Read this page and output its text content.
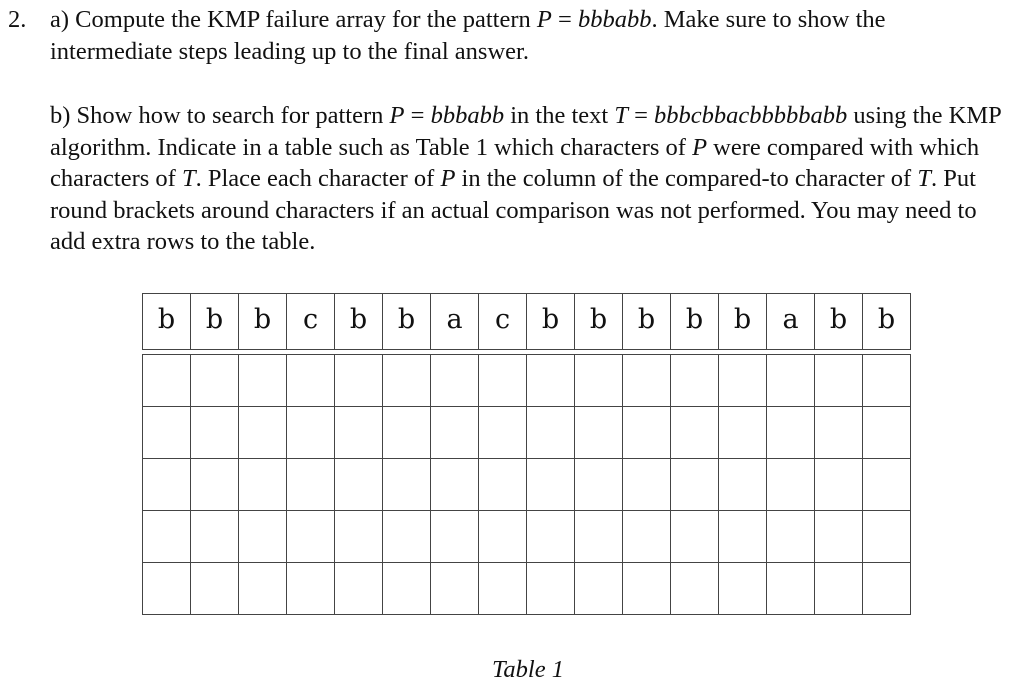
2. a) Compute the KMP failure array for the pattern P = bbbabb. Make sure to show the intermediate steps leading up to the final answer.
b) Show how to search for pattern P = bbbabb in the text T = bbbcbbacbbbbbabb using the KMP algorithm. Indicate in a table such as Table 1 which characters of P were compared with which characters of T. Place each character of P in the column of the compared-to character of T. Put round brackets around characters if an actual comparison was not performed. You may need to add extra rows to the table.
b	b	b	c	b	b	a	c	b	b	b	b	b	a	b	b

Table 1
